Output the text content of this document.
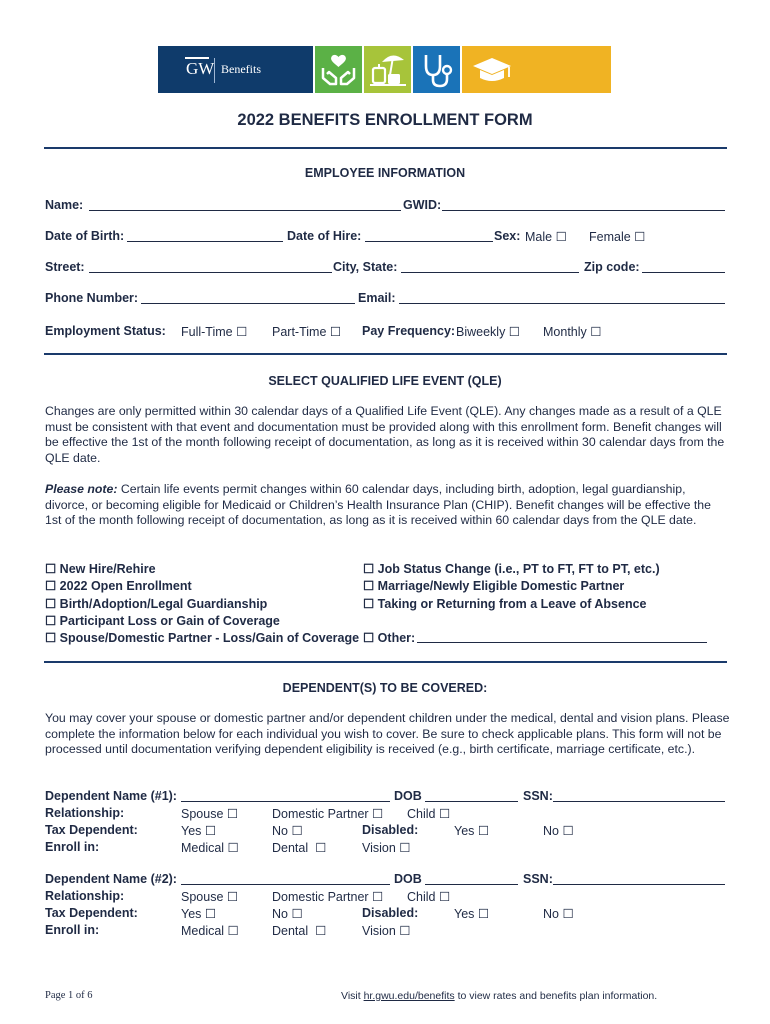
GW Benefits
2022 BENEFITS ENROLLMENT FORM
EMPLOYEE INFORMATION
Name:	GWID:
Date of Birth:	Date of Hire:	Sex: Male ☐ Female ☐
Street:	City, State:	Zip code:
Phone Number:	Email:
Employment Status: Full-Time ☐ Part-Time ☐ Pay Frequency: Biweekly ☐ Monthly ☐
SELECT QUALIFIED LIFE EVENT (QLE)
Changes are only permitted within 30 calendar days of a Qualified Life Event (QLE). Any changes made as a result of a QLE must be consistent with that event and documentation must be provided along with this enrollment form. Benefit changes will be effective the 1st of the month following receipt of documentation, as long as it is received within 30 calendar days from the QLE date.
Please note: Certain life events permit changes within 60 calendar days, including birth, adoption, legal guardianship, divorce, or becoming eligible for Medicaid or Children’s Health Insurance Plan (CHIP). Benefit changes will be effective the 1st of the month following receipt of documentation, as long as it is received within 60 calendar days from the QLE date.
☐ New Hire/Rehire
☐ 2022 Open Enrollment
☐ Birth/Adoption/Legal Guardianship
☐ Participant Loss or Gain of Coverage
☐ Spouse/Domestic Partner - Loss/Gain of Coverage
☐ Job Status Change (i.e., PT to FT, FT to PT, etc.)
☐ Marriage/Newly Eligible Domestic Partner
☐ Taking or Returning from a Leave of Absence
☐ Other:
DEPENDENT(S) TO BE COVERED:
You may cover your spouse or domestic partner and/or dependent children under the medical, dental and vision plans. Please complete the information below for each individual you wish to cover. Be sure to check applicable plans. This form will not be processed until documentation verifying dependent eligibility is received (e.g., birth certificate, marriage certificate, etc.).
Dependent Name (#1):	DOB	SSN:
Relationship:	Spouse ☐	Domestic Partner ☐ Child ☐
Tax Dependent:	Yes ☐	No ☐	Disabled:	Yes ☐	No ☐
Enroll in:	Medical ☐	Dental  ☐	Vision ☐
Dependent Name (#2):	DOB	SSN:
Relationship:	Spouse ☐	Domestic Partner ☐ Child ☐
Tax Dependent:	Yes ☐	No ☐	Disabled:	Yes ☐	No ☐
Enroll in:	Medical ☐	Dental  ☐	Vision ☐
Page 1 of 6	Visit hr.gwu.edu/benefits to view rates and benefits plan information.
